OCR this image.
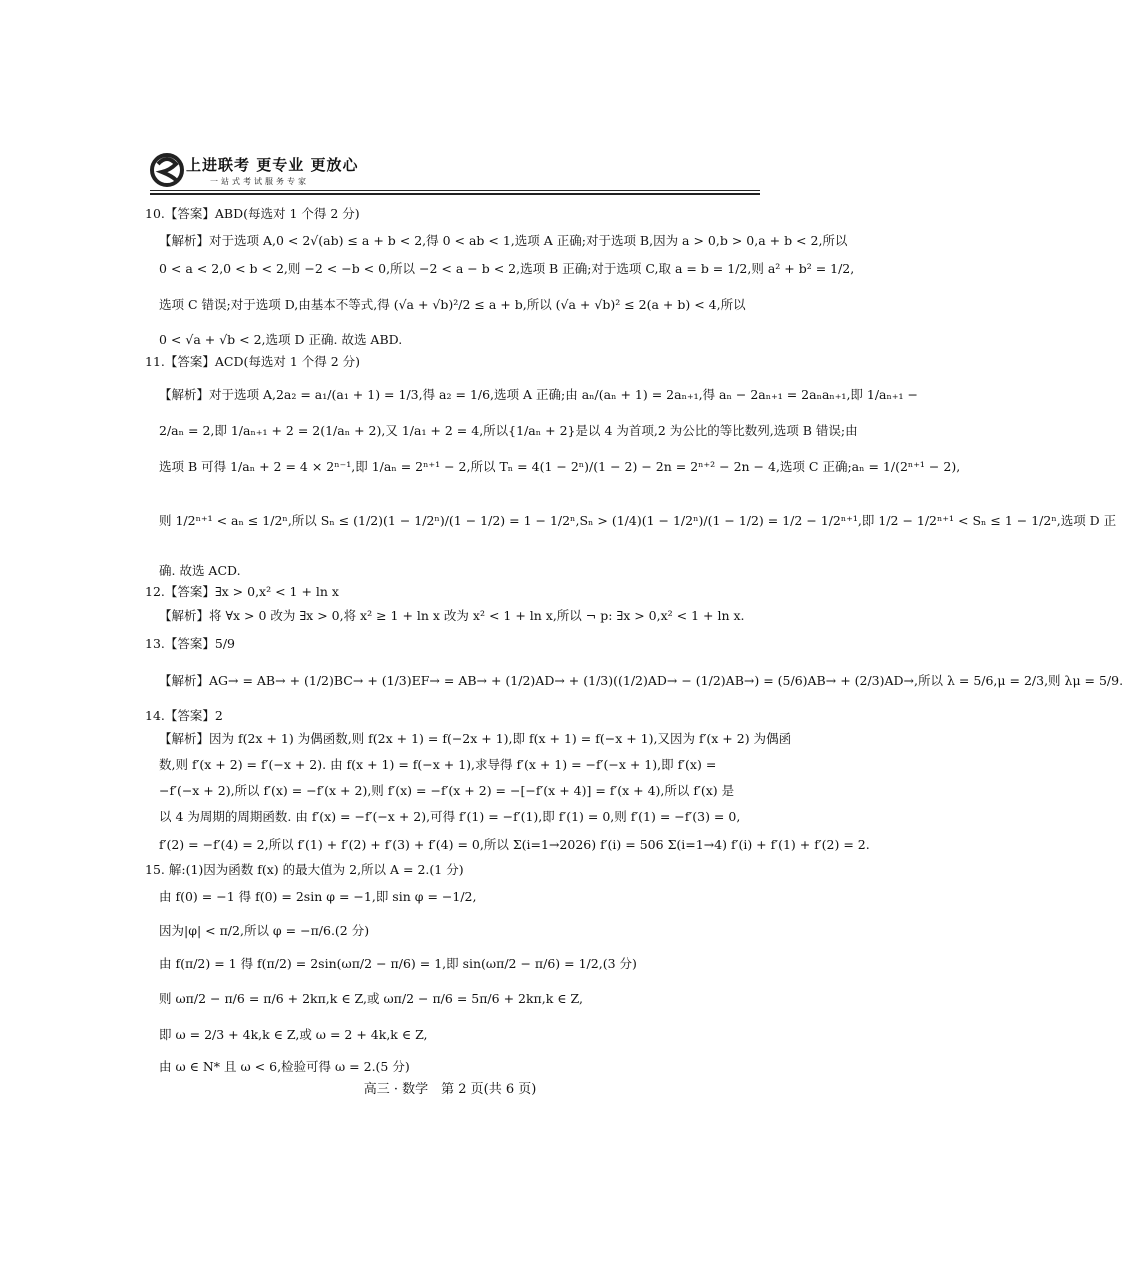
上进联考 更专业 更放心
一站式考试服务专家
10.【答案】ABD(每选对 1 个得 2 分)
【解析】对于选项 A,0 < 2√(ab) ≤ a + b < 2,得 0 < ab < 1,选项 A 正确;对于选项 B,因为 a > 0,b > 0,a + b < 2,所以
0 < a < 2,0 < b < 2,则 −2 < −b < 0,所以 −2 < a − b < 2,选项 B 正确;对于选项 C,取 a = b = 1/2,则 a² + b² = 1/2,
选项 C 错误;对于选项 D,由基本不等式,得 (√a + √b)²/2 ≤ a + b,所以 (√a + √b)² ≤ 2(a + b) < 4,所以
0 < √a + √b < 2,选项 D 正确. 故选 ABD.
11.【答案】ACD(每选对 1 个得 2 分)
【解析】对于选项 A,2a₂ = a₁/(a₁ + 1) = 1/3,得 a₂ = 1/6,选项 A 正确;由 aₙ/(aₙ + 1) = 2aₙ₊₁,得 aₙ − 2aₙ₊₁ = 2aₙaₙ₊₁,即 1/aₙ₊₁ −
2/aₙ = 2,即 1/aₙ₊₁ + 2 = 2(1/aₙ + 2),又 1/a₁ + 2 = 4,所以{1/aₙ + 2}是以 4 为首项,2 为公比的等比数列,选项 B 错误;由
选项 B 可得 1/aₙ + 2 = 4 × 2ⁿ⁻¹,即 1/aₙ = 2ⁿ⁺¹ − 2,所以 Tₙ = 4(1 − 2ⁿ)/(1 − 2) − 2n = 2ⁿ⁺² − 2n − 4,选项 C 正确;aₙ = 1/(2ⁿ⁺¹ − 2),
则 1/2ⁿ⁺¹ < aₙ ≤ 1/2ⁿ,所以 Sₙ ≤ (1/2)(1 − 1/2ⁿ)/(1 − 1/2) = 1 − 1/2ⁿ,Sₙ > (1/4)(1 − 1/2ⁿ)/(1 − 1/2) = 1/2 − 1/2ⁿ⁺¹,即 1/2 − 1/2ⁿ⁺¹ < Sₙ ≤ 1 − 1/2ⁿ,选项 D 正
确. 故选 ACD.
12.【答案】∃x > 0,x² < 1 + ln x
【解析】将 ∀x > 0 改为 ∃x > 0,将 x² ≥ 1 + ln x 改为 x² < 1 + ln x,所以 ¬ p: ∃x > 0,x² < 1 + ln x.
13.【答案】5/9
【解析】AG→ = AB→ + (1/2)BC→ + (1/3)EF→ = AB→ + (1/2)AD→ + (1/3)((1/2)AD→ − (1/2)AB→) = (5/6)AB→ + (2/3)AD→,所以 λ = 5/6,μ = 2/3,则 λμ = 5/9.
14.【答案】2
【解析】因为 f(2x + 1) 为偶函数,则 f(2x + 1) = f(−2x + 1),即 f(x + 1) = f(−x + 1),又因为 f′(x + 2) 为偶函
数,则 f′(x + 2) = f′(−x + 2). 由 f(x + 1) = f(−x + 1),求导得 f′(x + 1) = −f′(−x + 1),即 f′(x) =
−f′(−x + 2),所以 f′(x) = −f′(x + 2),则 f′(x) = −f′(x + 2) = −[−f′(x + 4)] = f′(x + 4),所以 f′(x) 是
以 4 为周期的周期函数. 由 f′(x) = −f′(−x + 2),可得 f′(1) = −f′(1),即 f′(1) = 0,则 f′(1) = −f′(3) = 0,
f′(2) = −f′(4) = 2,所以 f′(1) + f′(2) + f′(3) + f′(4) = 0,所以 Σ(i=1→2026) f′(i) = 506 Σ(i=1→4) f′(i) + f′(1) + f′(2) = 2.
15. 解:(1)因为函数 f(x) 的最大值为 2,所以 A = 2.(1 分)
由 f(0) = −1 得 f(0) = 2sin φ = −1,即 sin φ = −1/2,
因为|φ| < π/2,所以 φ = −π/6.(2 分)
由 f(π/2) = 1 得 f(π/2) = 2sin(ωπ/2 − π/6) = 1,即 sin(ωπ/2 − π/6) = 1/2,(3 分)
则 ωπ/2 − π/6 = π/6 + 2kπ,k ∈ Z,或 ωπ/2 − π/6 = 5π/6 + 2kπ,k ∈ Z,
即 ω = 2/3 + 4k,k ∈ Z,或 ω = 2 + 4k,k ∈ Z,
由 ω ∈ N* 且 ω < 6,检验可得 ω = 2.(5 分)
高三 · 数学　第 2 页(共 6 页)
